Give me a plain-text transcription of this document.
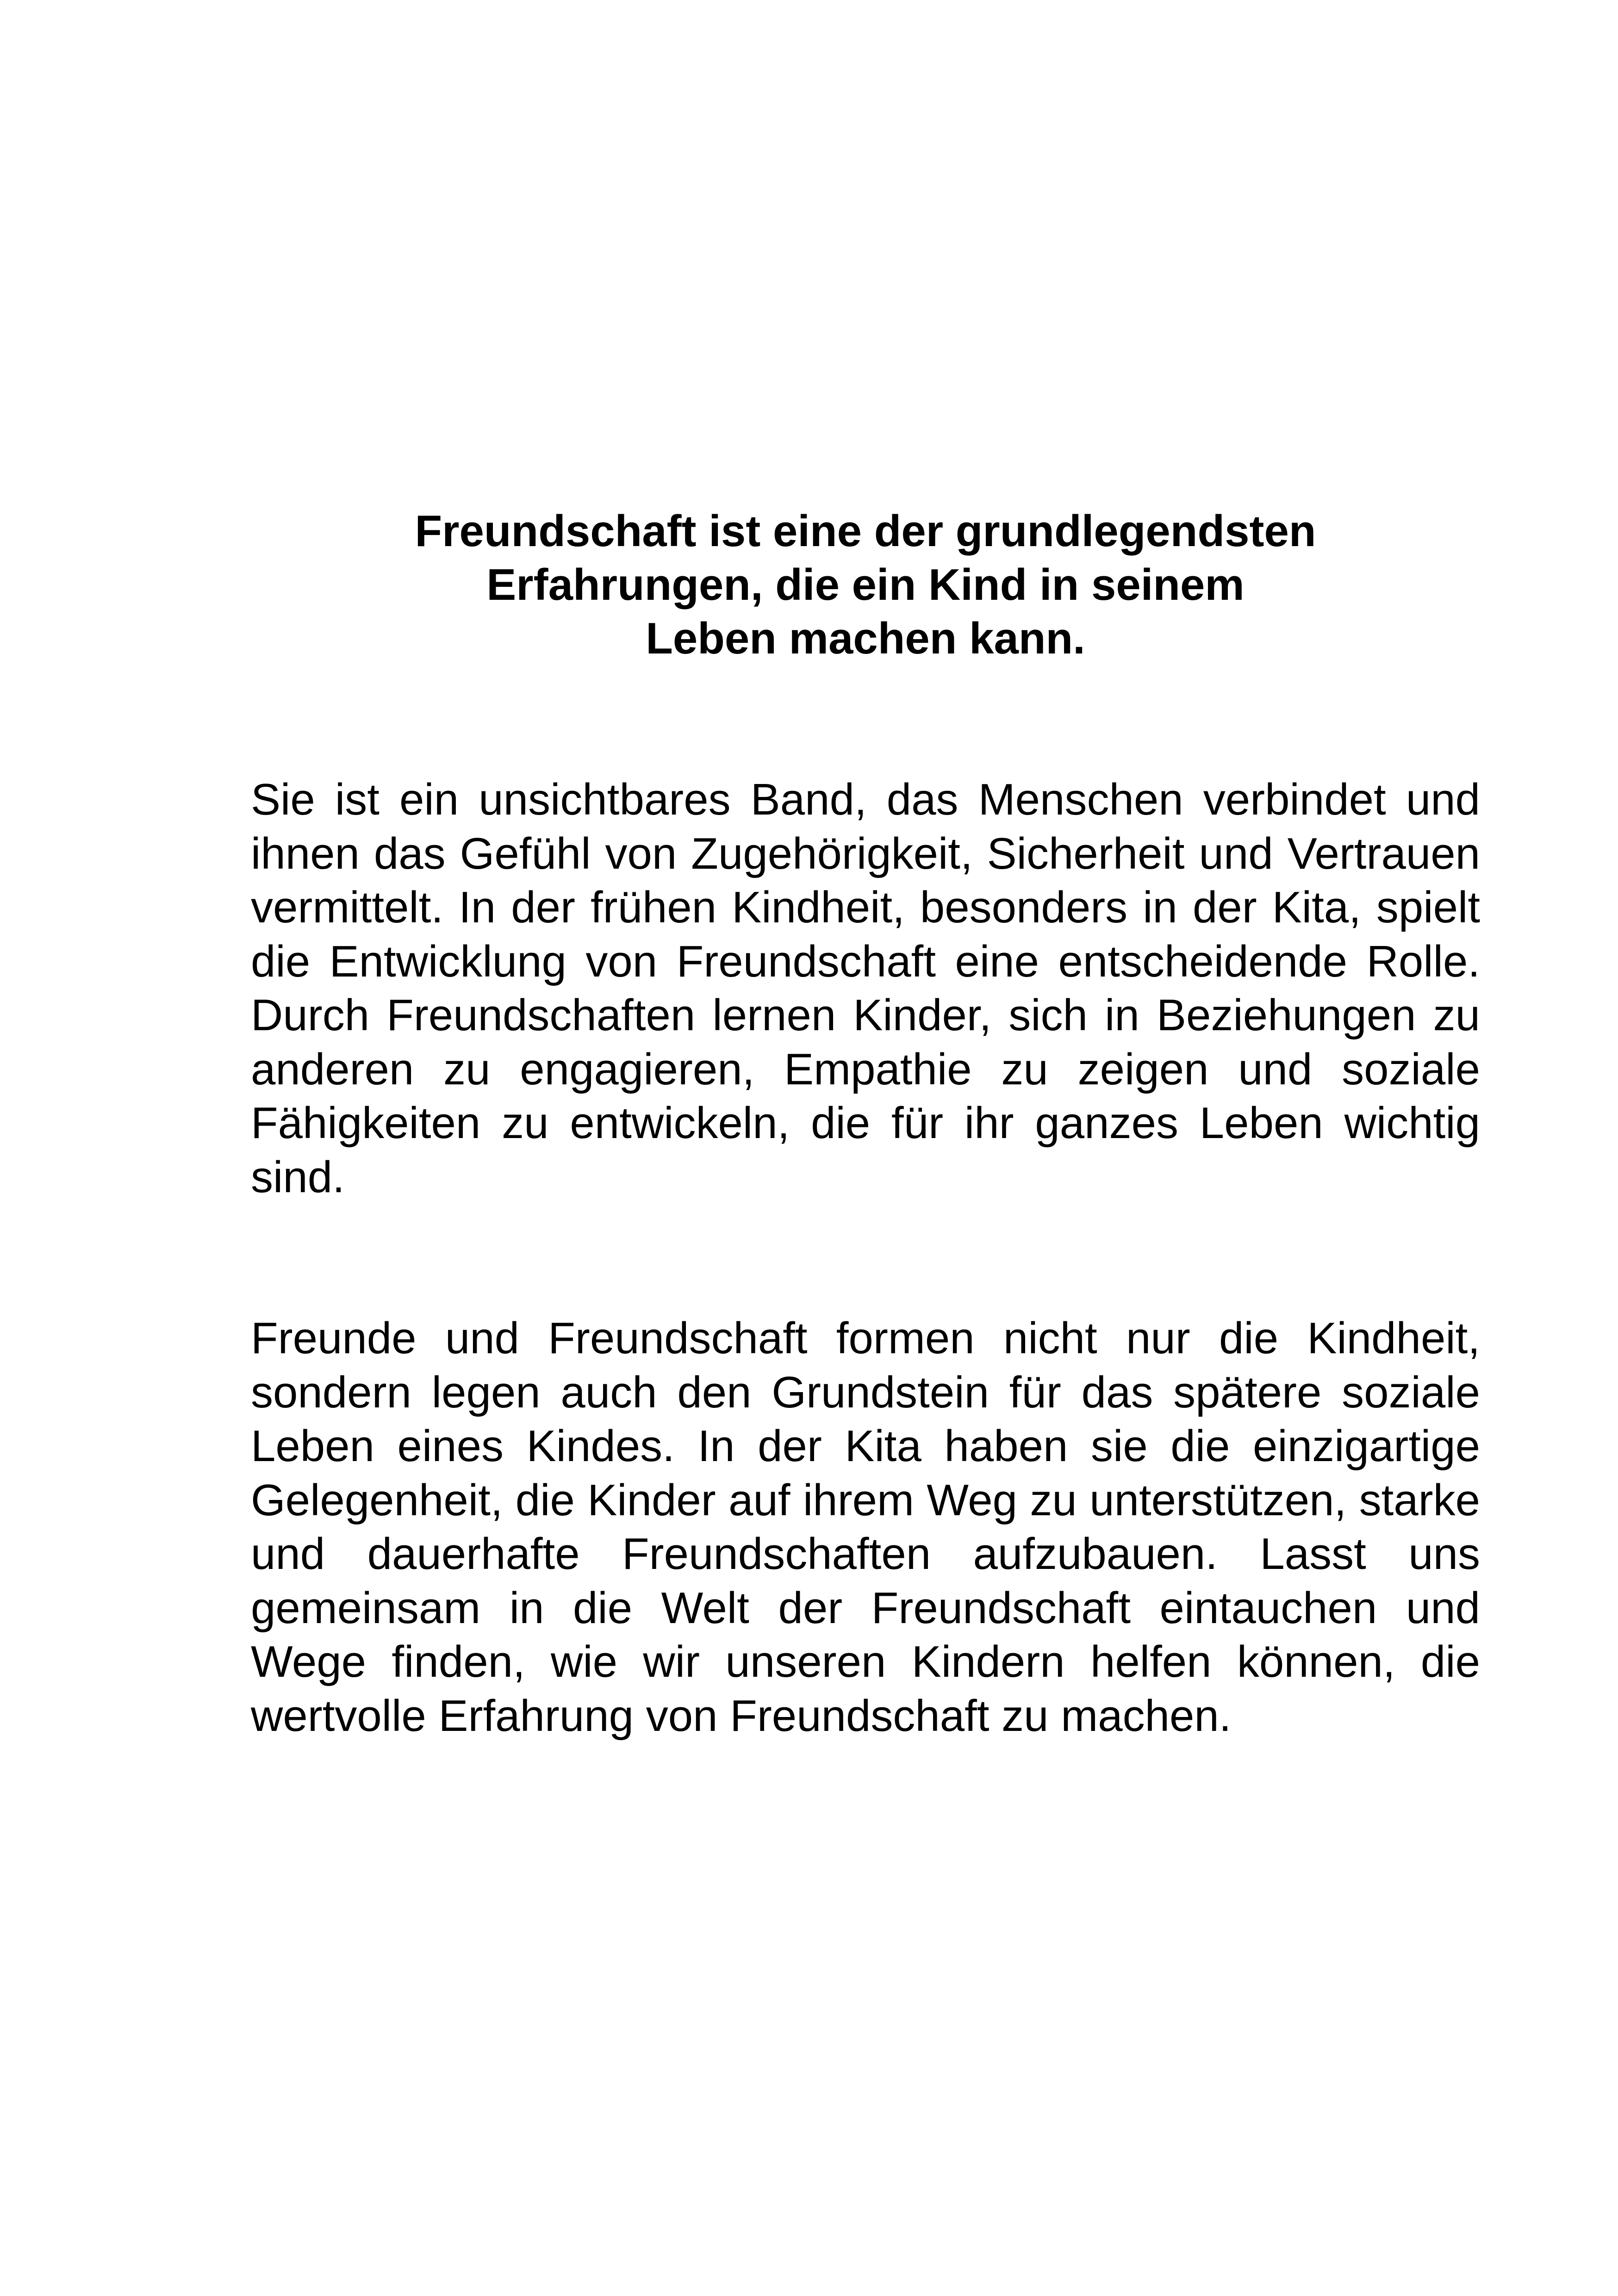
Freundschaft ist eine der grundlegendsten
Erfahrungen, die ein Kind in seinem
Leben machen kann.

Sie ist ein unsichtbares Band, das Menschen verbindet und ihnen das Gefühl von Zugehörigkeit, Sicherheit und Vertrauen vermittelt. In der frühen Kindheit, besonders in der Kita, spielt die Entwicklung von Freundschaft eine entscheidende Rolle. Durch Freundschaften lernen Kinder, sich in Beziehungen zu anderen zu engagieren, Empathie zu zeigen und soziale Fähigkeiten zu entwickeln, die für ihr ganzes Leben wichtig sind.

Freunde und Freundschaft formen nicht nur die Kindheit, sondern legen auch den Grundstein für das spätere soziale Leben eines Kindes. In der Kita haben sie die einzigartige Gelegenheit, die Kinder auf ihrem Weg zu unterstützen, starke und dauerhafte Freundschaften aufzubauen. Lasst uns gemeinsam in die Welt der Freundschaft eintauchen und Wege finden, wie wir unseren Kindern helfen können, die wertvolle Erfahrung von Freundschaft zu machen.
